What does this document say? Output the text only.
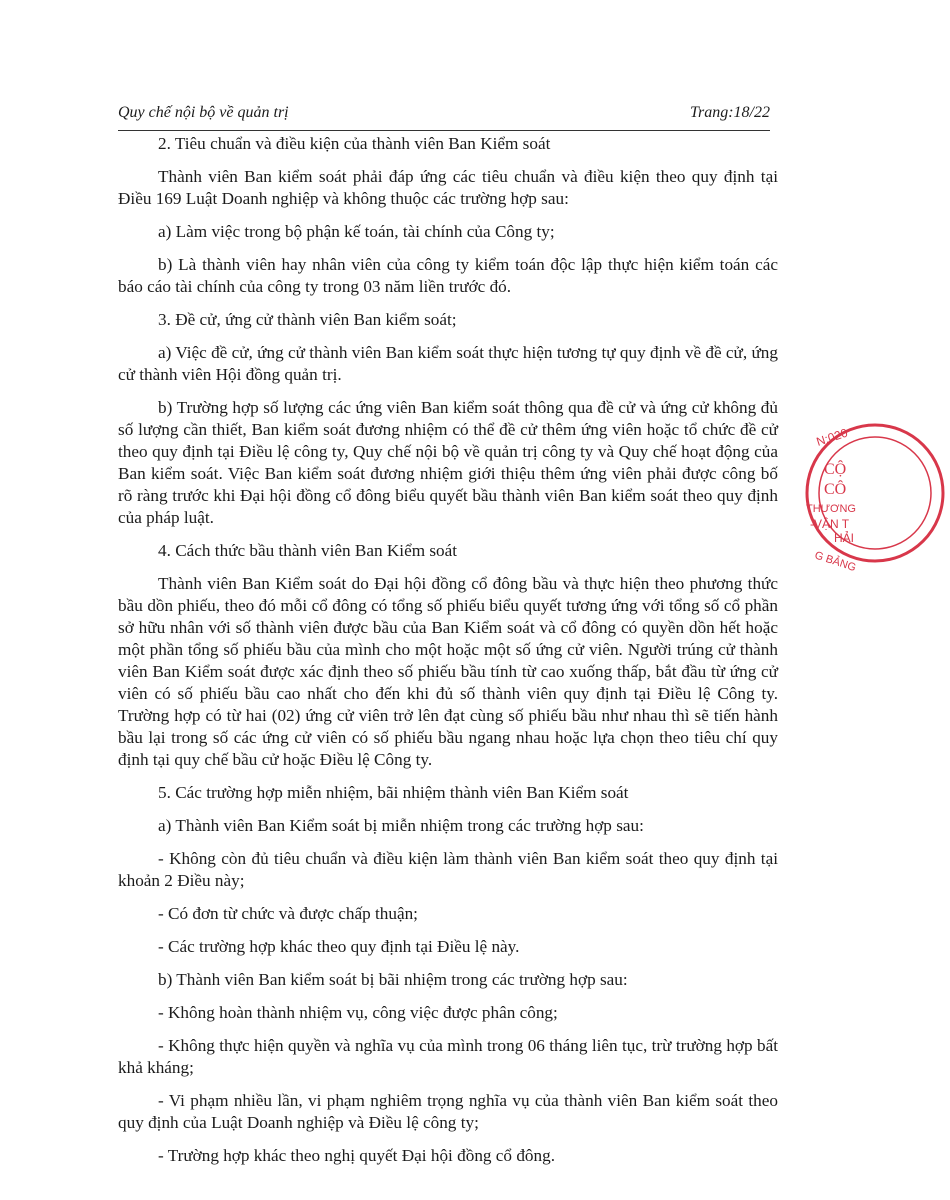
Quy chế nội bộ về quản trị	Trang:18/22

2. Tiêu chuẩn và điều kiện của thành viên Ban Kiểm soát

Thành viên Ban kiểm soát phải đáp ứng các tiêu chuẩn và điều kiện theo quy định tại Điều 169 Luật Doanh nghiệp và không thuộc các trường hợp sau:

a) Làm việc trong bộ phận kế toán, tài chính của Công ty;

b) Là thành viên hay nhân viên của công ty kiểm toán độc lập thực hiện kiểm toán các báo cáo tài chính của công ty trong 03 năm liền trước đó.

3. Đề cử, ứng cử thành viên Ban kiểm soát;

a) Việc đề cử, ứng cử thành viên Ban kiểm soát thực hiện tương tự quy định về đề cử, ứng cử thành viên Hội đồng quản trị.

b) Trường hợp số lượng các ứng viên Ban kiểm soát thông qua đề cử và ứng cử không đủ số lượng cần thiết, Ban kiểm soát đương nhiệm có thể đề cử thêm ứng viên hoặc tổ chức đề cử theo quy định tại Điều lệ công ty, Quy chế nội bộ về quản trị công ty và Quy chế hoạt động của Ban kiểm soát. Việc Ban kiểm soát đương nhiệm giới thiệu thêm ứng viên phải được công bố rõ ràng trước khi Đại hội đồng cổ đông biểu quyết bầu thành viên Ban kiểm soát theo quy định của pháp luật.

4. Cách thức bầu thành viên Ban Kiểm soát

Thành viên Ban Kiểm soát do Đại hội đồng cổ đông bầu và thực hiện theo phương thức bầu dồn phiếu, theo đó mỗi cổ đông có tổng số phiếu biểu quyết tương ứng với tổng số cổ phần sở hữu nhân với số thành viên được bầu của Ban Kiểm soát và cổ đông có quyền dồn hết hoặc một phần tổng số phiếu bầu của mình cho một hoặc một số ứng cử viên. Người trúng cử thành viên Ban Kiểm soát được xác định theo số phiếu bầu tính từ cao xuống thấp, bắt đầu từ ứng cử viên có số phiếu bầu cao nhất cho đến khi đủ số thành viên quy định tại Điều lệ Công ty. Trường hợp có từ hai (02) ứng cử viên trở lên đạt cùng số phiếu bầu như nhau thì sẽ tiến hành bầu lại trong số các ứng cử viên có số phiếu bầu ngang nhau hoặc lựa chọn theo tiêu chí quy định tại quy chế bầu cử hoặc Điều lệ Công ty.

5. Các trường hợp miễn nhiệm, bãi nhiệm thành viên Ban Kiểm soát

a) Thành viên Ban Kiểm soát bị miễn nhiệm trong các trường hợp sau:

- Không còn đủ tiêu chuẩn và điều kiện làm thành viên Ban kiểm soát theo quy định tại khoản 2 Điều này;

- Có đơn từ chức và được chấp thuận;

- Các trường hợp khác theo quy định tại Điều lệ này.

b) Thành viên Ban kiểm soát bị bãi nhiệm trong các trường hợp sau:

- Không hoàn thành nhiệm vụ, công việc được phân công;

- Không thực hiện quyền và nghĩa vụ của mình trong 06 tháng liên tục, trừ trường hợp bất khả kháng;

- Vi phạm nhiều lần, vi phạm nghiêm trọng nghĩa vụ của thành viên Ban kiểm soát theo quy định của Luật Doanh nghiệp và Điều lệ công ty;

- Trường hợp khác theo nghị quyết Đại hội đồng cổ đông.

N:020
CỘ
CÔ
THƯƠNG
-VẬN T
HẢI
G BẢNG
